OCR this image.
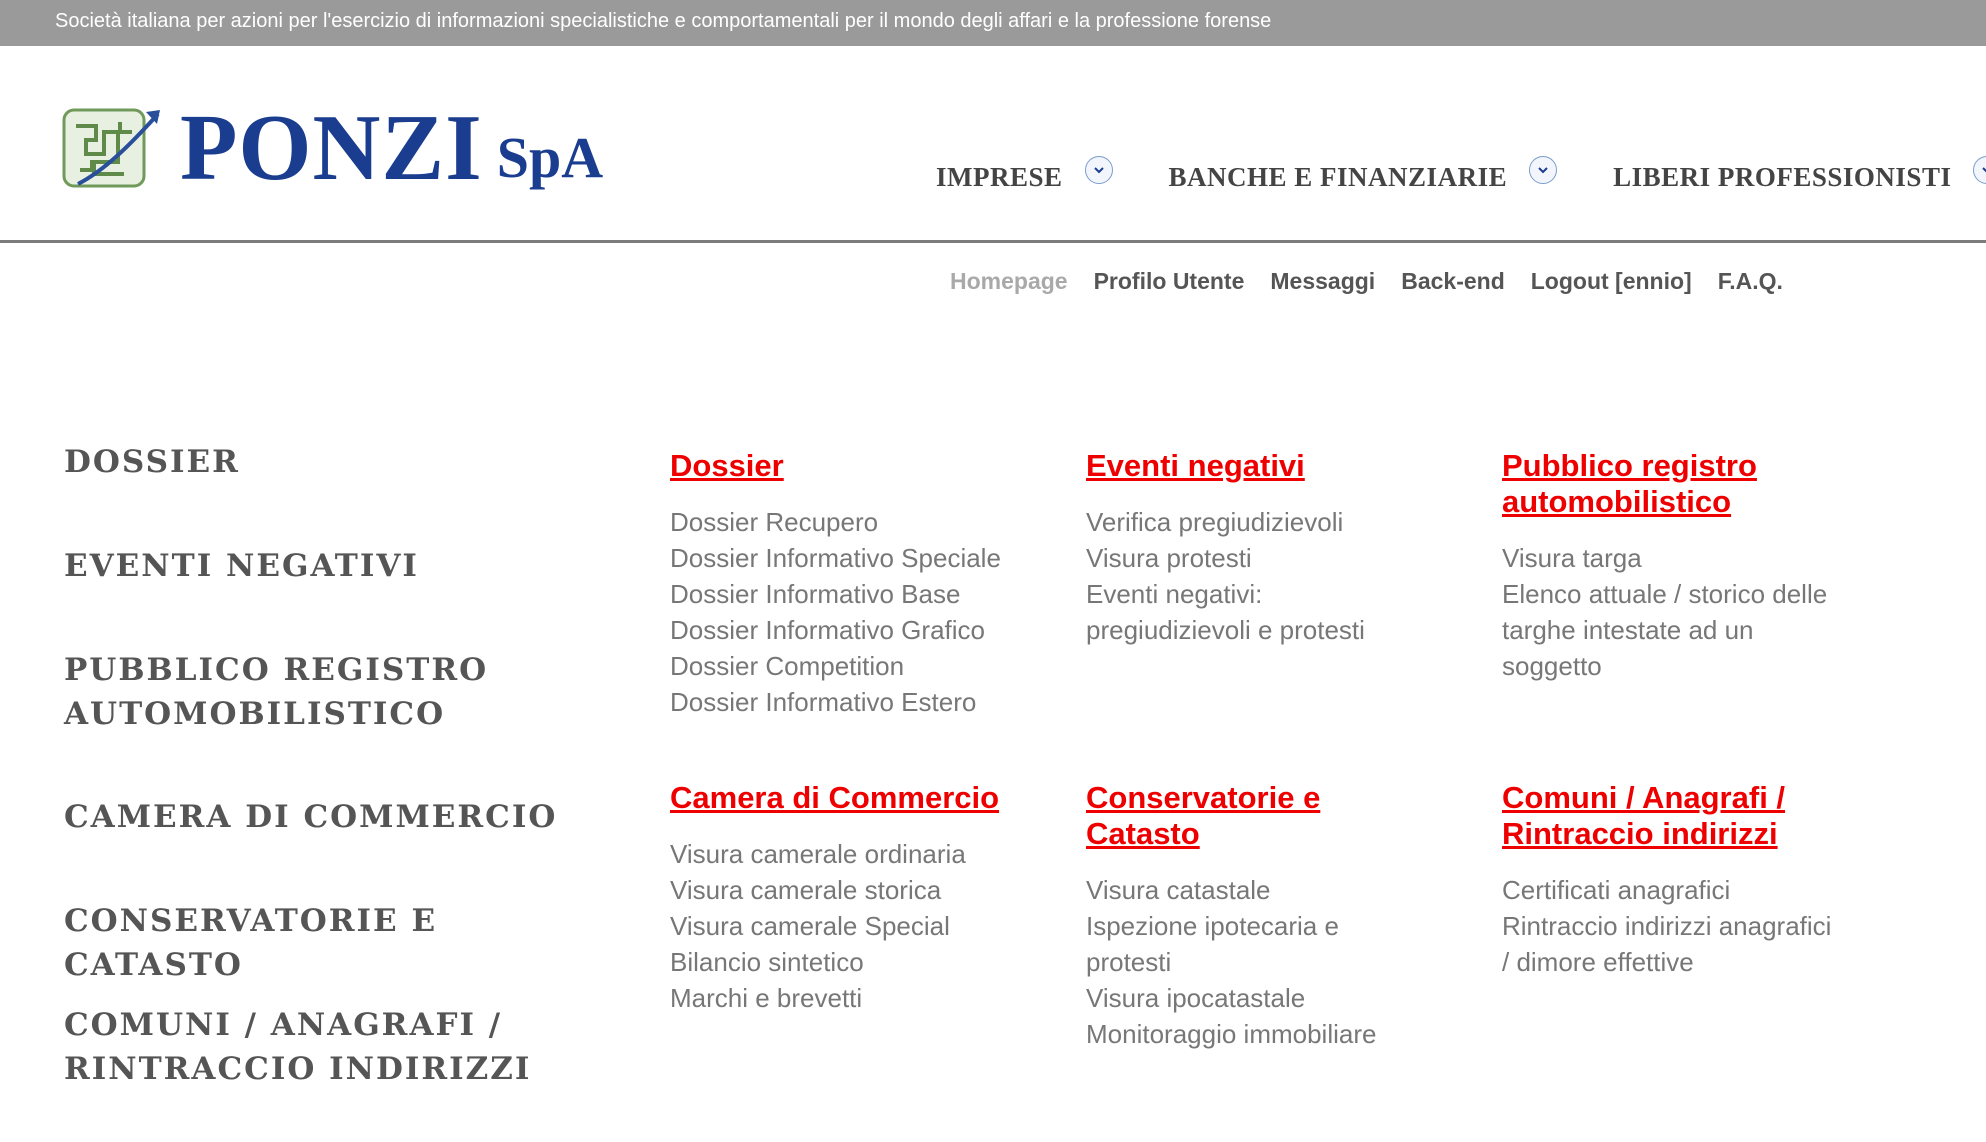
Società italiana per azioni per l'esercizio di informazioni specialistiche e comportamentali per il mondo degli affari e la professione forense
PONZI SpA	IMPRESE	BANCHE E FINANZIARIE	LIBERI PROFESSIONISTI
Homepage Profilo Utente Messaggi Back-end Logout [ennio] F.A.Q.
DOSSIER
EVENTI NEGATIVI
PUBBLICO REGISTRO
AUTOMOBILISTICO
CAMERA DI COMMERCIO
CONSERVATORIE E CATASTO
COMUNI / ANAGRAFI /
RINTRACCIO INDIRIZZI
Dossier
Dossier Recupero
Dossier Informativo Speciale
Dossier Informativo Base
Dossier Informativo Grafico
Dossier Competition
Dossier Informativo Estero
Eventi negativi
Verifica pregiudizievoli
Visura protesti
Eventi negativi:
pregiudizievoli e protesti
Pubblico registro
automobilistico
Visura targa
Elenco attuale / storico delle
targhe intestate ad un
soggetto
Camera di Commercio
Visura camerale ordinaria
Visura camerale storica
Visura camerale Special
Bilancio sintetico
Marchi e brevetti
Conservatorie e
Catasto
Visura catastale
Ispezione ipotecaria e
protesti
Visura ipocatastale
Monitoraggio immobiliare
Comuni / Anagrafi /
Rintraccio indirizzi
Certificati anagrafici
Rintraccio indirizzi anagrafici
/ dimore effettive
